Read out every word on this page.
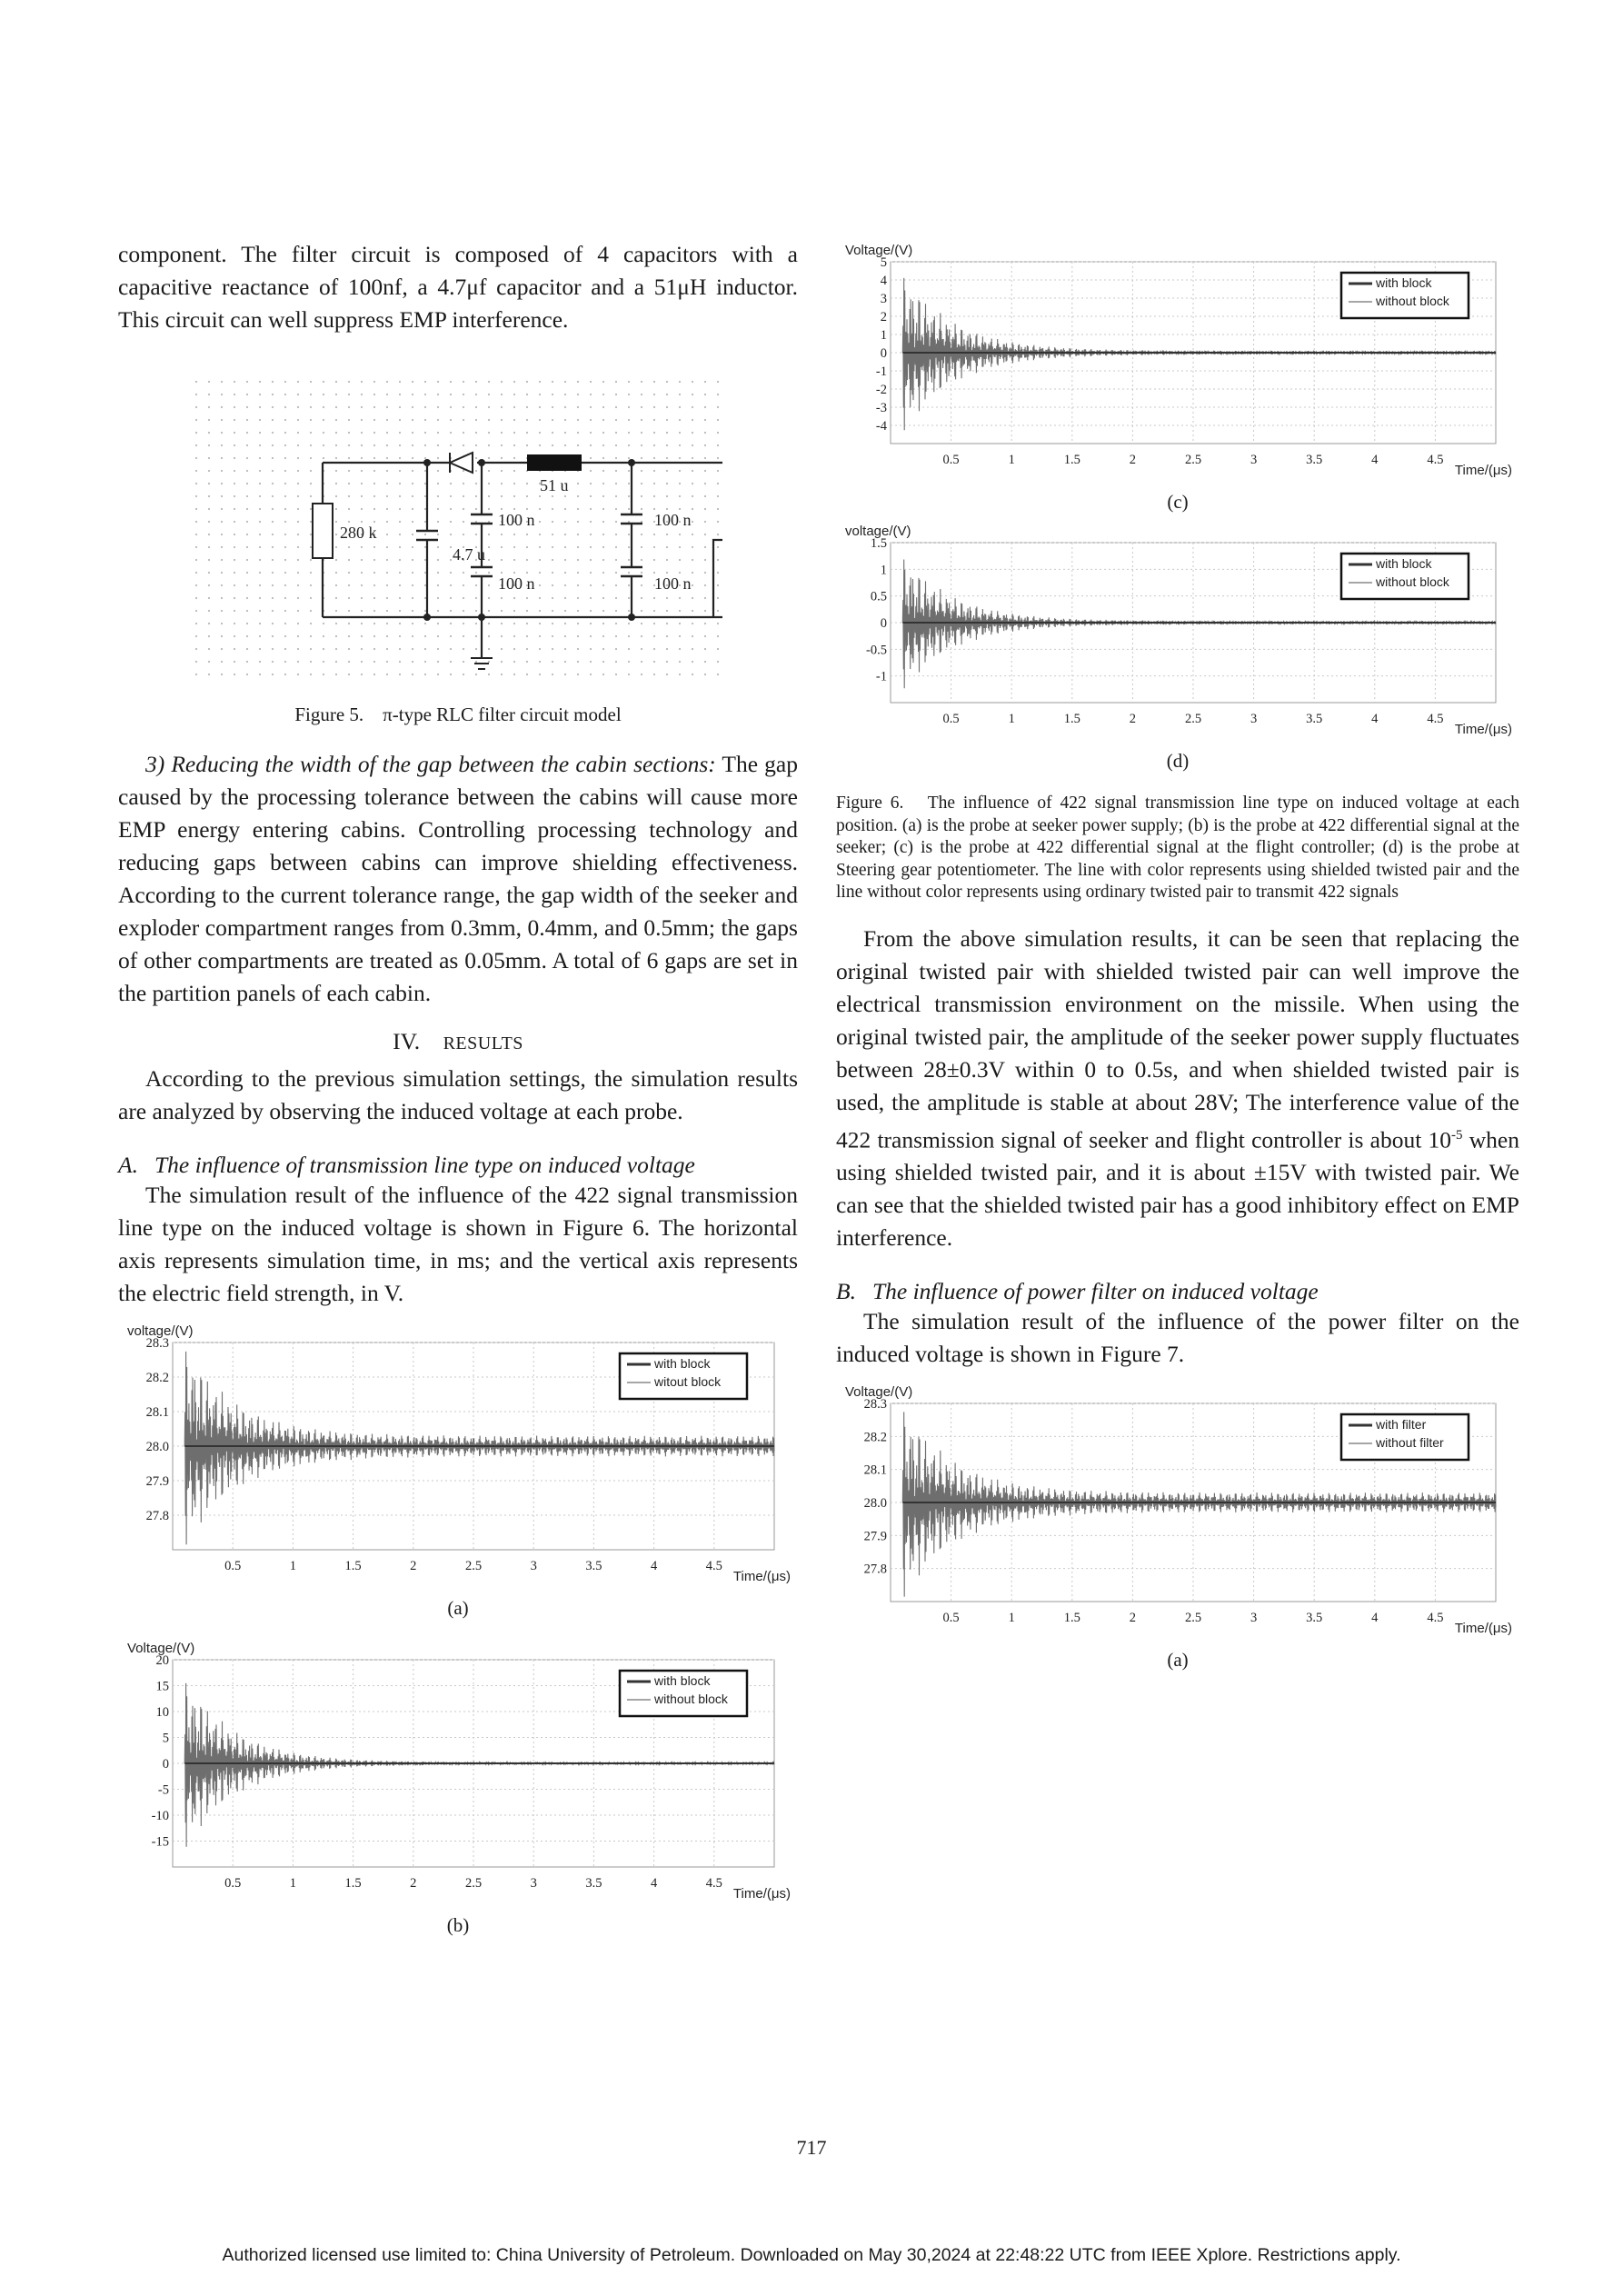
component. The filter circuit is composed of 4 capacitors with a capacitive reactance of 100nf, a 4.7μf capacitor and a 51μH inductor. This circuit can well suppress EMP interference.

280 k
51 u
100 n
4.7 u
100 n
100 n
100 n

Figure 5. π-type RLC filter circuit model

3) Reducing the width of the gap between the cabin sections: The gap caused by the processing tolerance between the cabins will cause more EMP energy entering cabins. Controlling processing technology and reducing gaps between cabins can improve shielding effectiveness. According to the current tolerance range, the gap width of the seeker and exploder compartment ranges from 0.3mm, 0.4mm, and 0.5mm; the gaps of other compartments are treated as 0.05mm. A total of 6 gaps are set in the partition panels of each cabin.

IV. RESULTS

According to the previous simulation settings, the simulation results are analyzed by observing the induced voltage at each probe.

A. The influence of transmission line type on induced voltage

The simulation result of the influence of the 422 signal transmission line type on the induced voltage is shown in Figure 6. The horizontal axis represents simulation time, in ms; and the vertical axis represents the electric field strength, in V.

voltage/(V)
28.3
28.2
28.1
28.0
27.9
27.8
0.5	1	1.5	2	2.5	3	3.5	4	4.5
Time/(μs)
with block
witout block

(a)

Voltage/(V)
20
15
10
5
0
-5
-10
-15
0.5	1	1.5	2	2.5	3	3.5	4	4.5
Time/(μs)
with block
without block

(b)

Voltage/(V)
5
4
3
2
1
0
-1
-2
-3
-4
0.5	1	1.5	2	2.5	3	3.5	4	4.5
Time/(μs)
with block
without block

(c)

voltage/(V)
1.5
1
0.5
0
-0.5
-1
0.5	1	1.5	2	2.5	3	3.5	4	4.5
Time/(μs)
with block
without block

(d)

Figure 6. The influence of 422 signal transmission line type on induced voltage at each position. (a) is the probe at seeker power supply; (b) is the probe at 422 differential signal at the seeker; (c) is the probe at 422 differential signal at the flight controller; (d) is the probe at Steering gear potentiometer. The line with color represents using shielded twisted pair and the line without color represents using ordinary twisted pair to transmit 422 signals

From the above simulation results, it can be seen that replacing the original twisted pair with shielded twisted pair can well improve the electrical transmission environment on the missile. When using the original twisted pair, the amplitude of the seeker power supply fluctuates between 28±0.3V within 0 to 0.5s, and when shielded twisted pair is used, the amplitude is stable at about 28V; The interference value of the 422 transmission signal of seeker and flight controller is about $10^{-5}$ when using shielded twisted pair, and it is about ±15V with twisted pair. We can see that the shielded twisted pair has a good inhibitory effect on EMP interference.

B. The influence of power filter on induced voltage

The simulation result of the influence of the power filter on the induced voltage is shown in Figure 7.

Voltage/(V)
28.3
28.2
28.1
28.0
27.9
27.8
0.5	1	1.5	2	2.5	3	3.5	4	4.5
Time/(μs)
with filter
without filter

(a)

717
Authorized licensed use limited to: China University of Petroleum. Downloaded on May 30,2024 at 22:48:22 UTC from IEEE Xplore. Restrictions apply.
